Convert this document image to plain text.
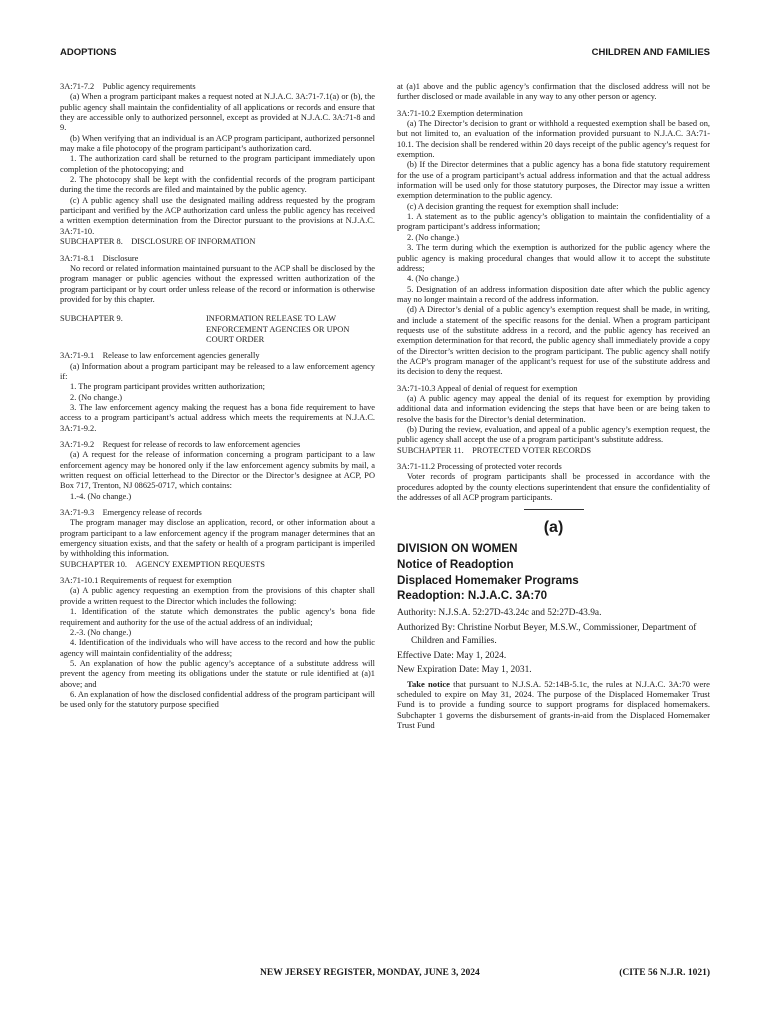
ADOPTIONS	CHILDREN AND FAMILIES

3A:71-7.2 Public agency requirements

(a) When a program participant makes a request noted at N.J.A.C. 3A:71-7.1(a) or (b), the public agency shall maintain the confidentiality of all applications or records and ensure that they are accessible only to authorized personnel, except as provided at N.J.A.C. 3A:71-8 and 9.

(b) When verifying that an individual is an ACP program participant, authorized personnel may make a file photocopy of the program participant’s authorization card.

1. The authorization card shall be returned to the program participant immediately upon completion of the photocopying; and

2. The photocopy shall be kept with the confidential records of the program participant during the time the records are filed and maintained by the public agency.

(c) A public agency shall use the designated mailing address requested by the program participant and verified by the ACP authorization card unless the public agency has received a written exemption determination from the Director pursuant to the provisions at N.J.A.C. 3A:71-10.

SUBCHAPTER 8. DISCLOSURE OF INFORMATION

3A:71-8.1 Disclosure

No record or related information maintained pursuant to the ACP shall be disclosed by the program manager or public agencies without the expressed written authorization of the program participant or by court order unless release of the record or information is otherwise provided for by this chapter.

SUBCHAPTER 9.	INFORMATION RELEASE TO LAW ENFORCEMENT AGENCIES OR UPON COURT ORDER

3A:71-9.1 Release to law enforcement agencies generally

(a) Information about a program participant may be released to a law enforcement agency if:

1. The program participant provides written authorization;

2. (No change.)

3. The law enforcement agency making the request has a bona fide requirement to have access to a program participant’s actual address which meets the requirements at N.J.A.C. 3A:71-9.2.

3A:71-9.2 Request for release of records to law enforcement agencies

(a) A request for the release of information concerning a program participant to a law enforcement agency may be honored only if the law enforcement agency submits by mail, a written request on official letterhead to the Director or the Director’s designee at ACP, PO Box 717, Trenton, NJ 08625-0717, which contains:

1.-4. (No change.)

3A:71-9.3 Emergency release of records

The program manager may disclose an application, record, or other information about a program participant to a law enforcement agency if the program manager determines that an emergency situation exists, and that the safety or health of a program participant is imperiled by withholding this information.

SUBCHAPTER 10. AGENCY EXEMPTION REQUESTS

3A:71-10.1 Requirements of request for exemption

(a) A public agency requesting an exemption from the provisions of this chapter shall provide a written request to the Director which includes the following:

1. Identification of the statute which demonstrates the public agency’s bona fide requirement and authority for the use of the actual address of an individual;

2.-3. (No change.)

4. Identification of the individuals who will have access to the record and how the public agency will maintain confidentiality of the address;

5. An explanation of how the public agency’s acceptance of a substitute address will prevent the agency from meeting its obligations under the statute or rule identified at (a)1 above; and

6. An explanation of how the disclosed confidential address of the program participant will be used only for the statutory purpose specified

at (a)1 above and the public agency’s confirmation that the disclosed address will not be further disclosed or made available in any way to any other person or agency.

3A:71-10.2 Exemption determination

(a) The Director’s decision to grant or withhold a requested exemption shall be based on, but not limited to, an evaluation of the information provided pursuant to N.J.A.C. 3A:71-10.1. The decision shall be rendered within 20 days receipt of the public agency’s request for exemption.

(b) If the Director determines that a public agency has a bona fide statutory requirement for the use of a program participant’s actual address information and that the actual address information will be used only for those statutory purposes, the Director may issue a written exemption determination to the public agency.

(c) A decision granting the request for exemption shall include:

1. A statement as to the public agency’s obligation to maintain the confidentiality of a program participant’s address information;

2. (No change.)

3. The term during which the exemption is authorized for the public agency where the public agency is making procedural changes that would allow it to accept the substitute address;

4. (No change.)

5. Designation of an address information disposition date after which the public agency may no longer maintain a record of the address information.

(d) A Director’s denial of a public agency’s exemption request shall be made, in writing, and include a statement of the specific reasons for the denial. When a program participant requests use of the substitute address in a record, and the public agency has received an exemption determination for that record, the public agency shall immediately provide a copy of the Director’s written decision to the program participant. The public agency shall notify the ACP’s program manager of the applicant’s request for use of the substitute address and its decision to deny the request.

3A:71-10.3 Appeal of denial of request for exemption

(a) A public agency may appeal the denial of its request for exemption by providing additional data and information evidencing the steps that have been or are being taken to resolve the basis for the Director’s denial determination.

(b) During the review, evaluation, and appeal of a public agency’s exemption request, the public agency shall accept the use of a program participant’s substitute address.

SUBCHAPTER 11. PROTECTED VOTER RECORDS

3A:71-11.2 Processing of protected voter records

Voter records of program participants shall be processed in accordance with the procedures adopted by the county elections superintendent that ensure the confidentiality of the addresses of all ACP program participants.

(a)

DIVISION ON WOMEN

Notice of Readoption

Displaced Homemaker Programs

Readoption: N.J.A.C. 3A:70

Authority: N.J.S.A. 52:27D-43.24c and 52:27D-43.9a.

Authorized By: Christine Norbut Beyer, M.S.W., Commissioner, Department of Children and Families.

Effective Date: May 1, 2024.

New Expiration Date: May 1, 2031.

Take notice that pursuant to N.J.S.A. 52:14B-5.1c, the rules at N.J.A.C. 3A:70 were scheduled to expire on May 31, 2024. The purpose of the Displaced Homemaker Trust Fund is to provide a funding source to support programs for displaced homemakers. Subchapter 1 governs the disbursement of grants-in-aid from the Displaced Homemaker Trust Fund

NEW JERSEY REGISTER, MONDAY, JUNE 3, 2024	(CITE 56 N.J.R. 1021)
